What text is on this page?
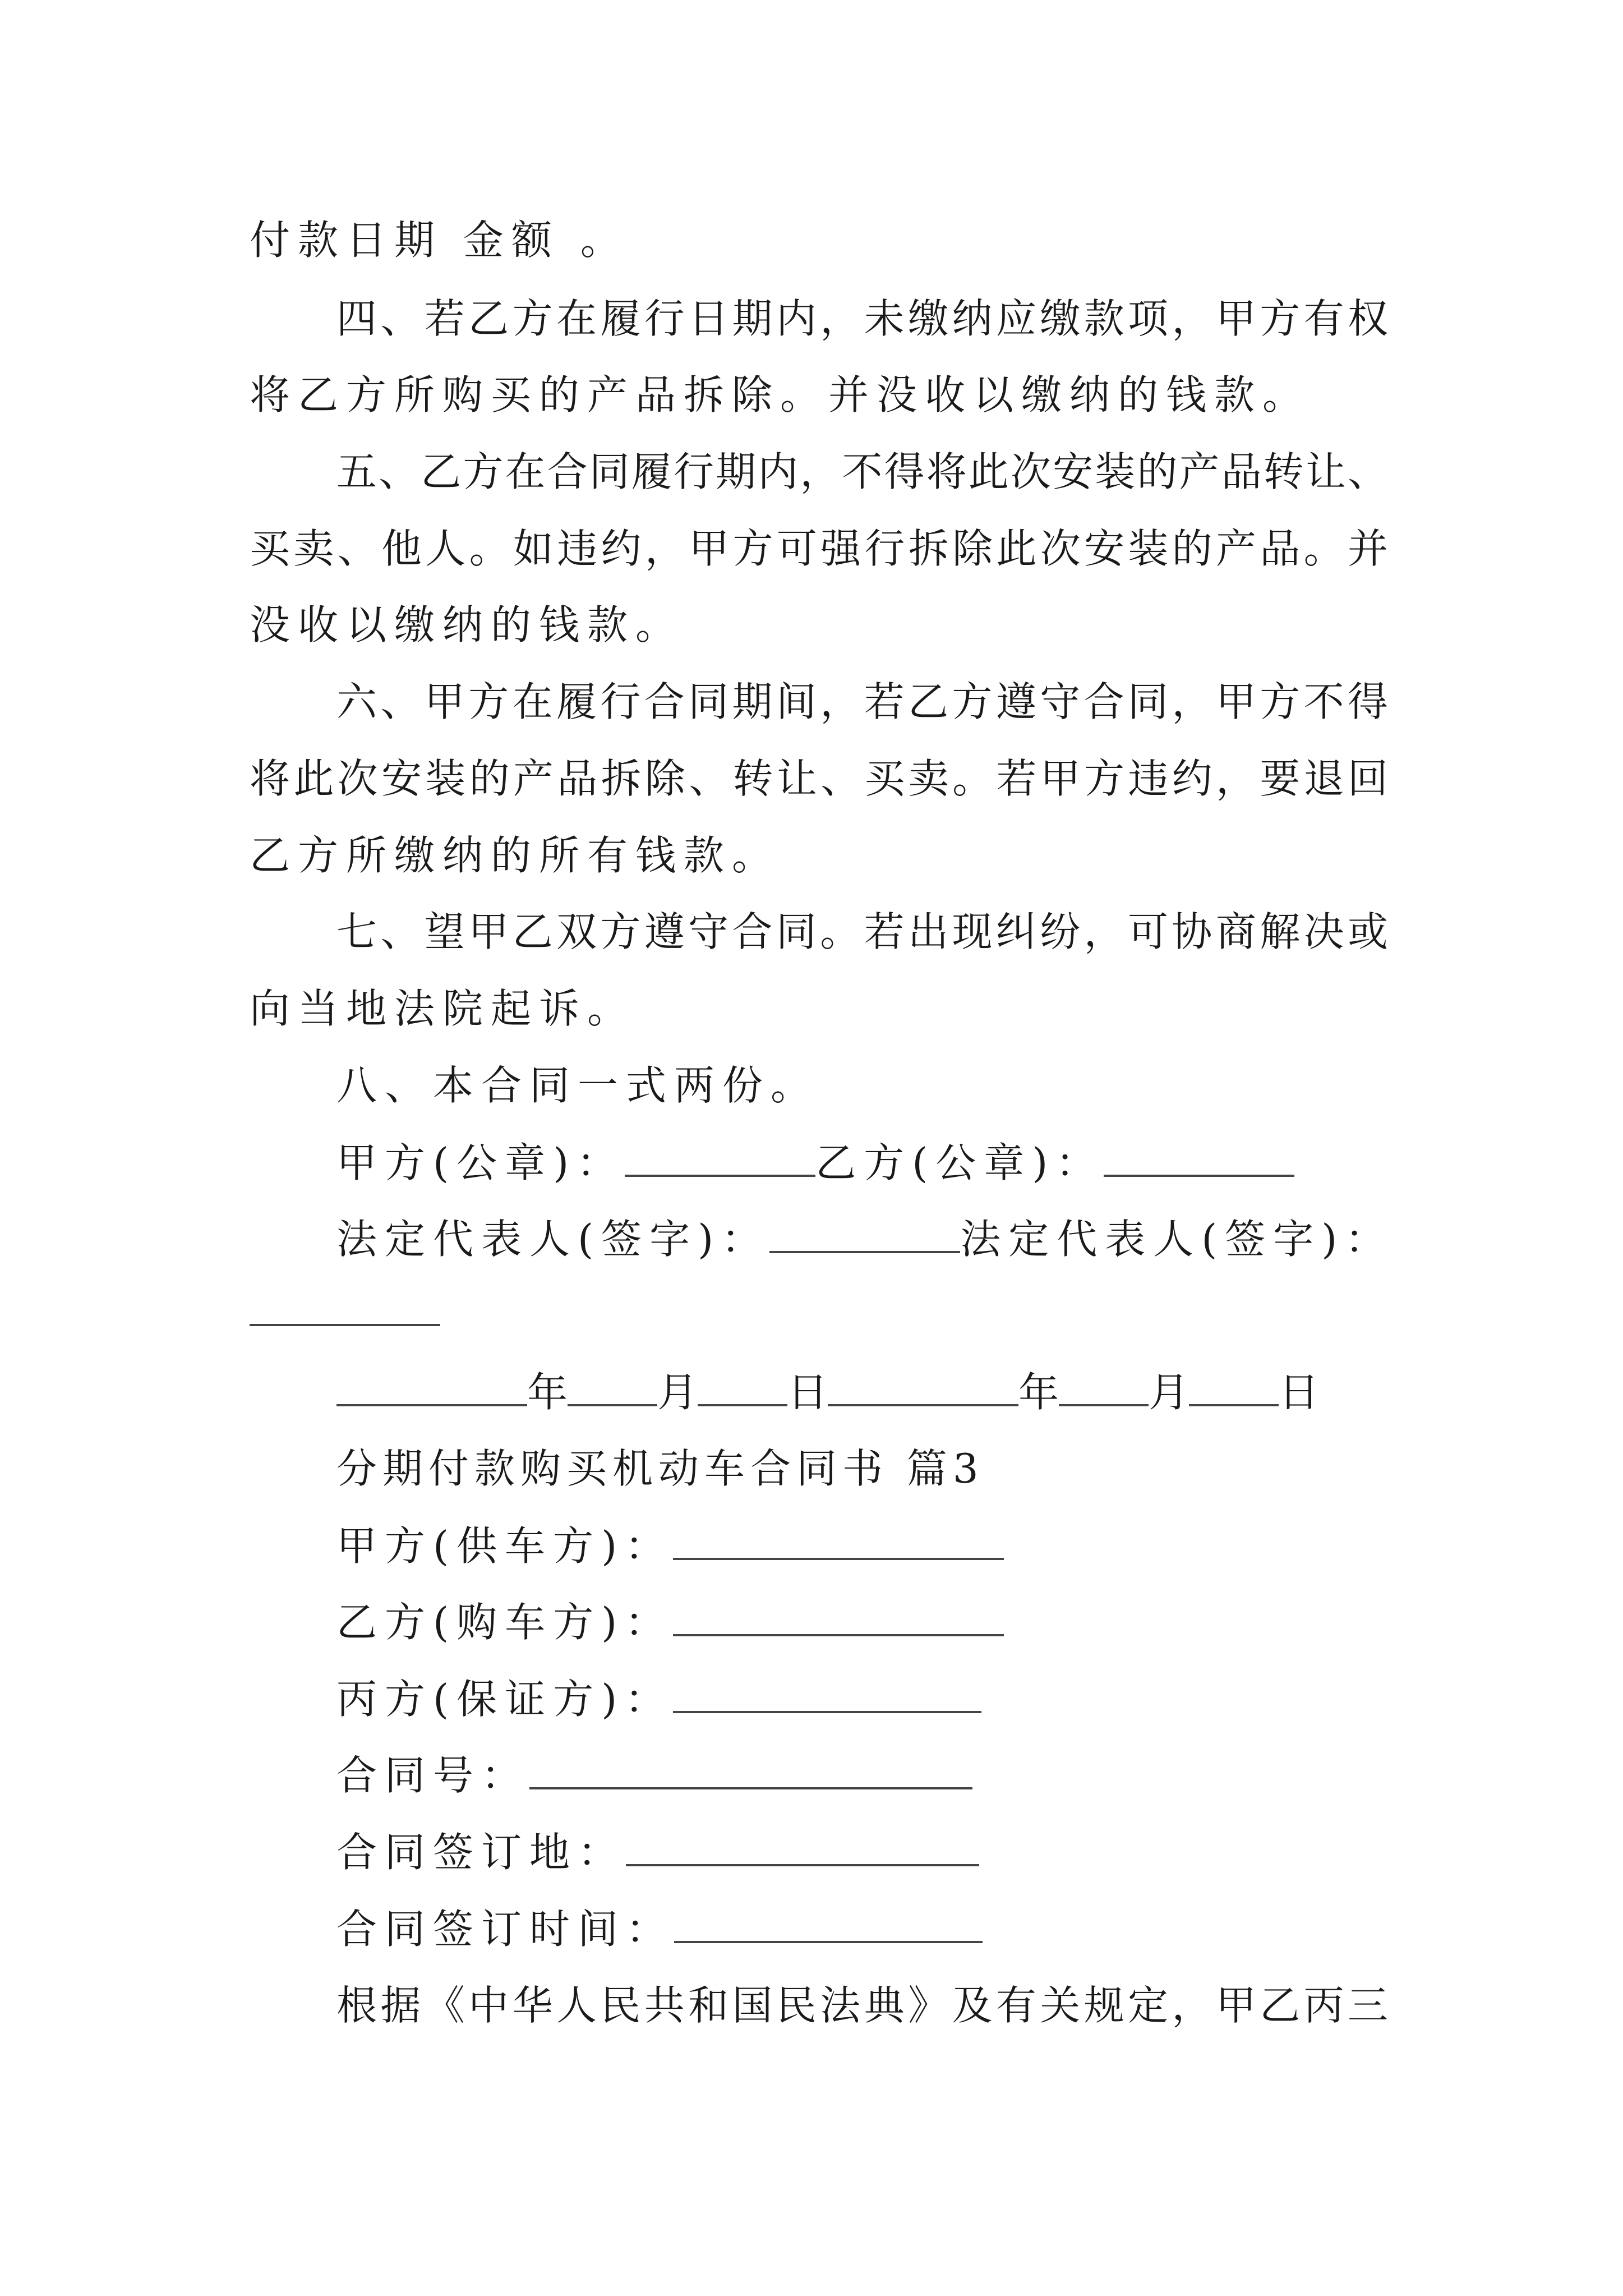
付款日期 金额 。
四、若乙方在履行日期内，未缴纳应缴款项，甲方有权
将乙方所购买的产品拆除。并没收以缴纳的钱款。
五、乙方在合同履行期内，不得将此次安装的产品转让、
买卖、他人。如违约，甲方可强行拆除此次安装的产品。并
没收以缴纳的钱款。
六、甲方在履行合同期间，若乙方遵守合同，甲方不得
将此次安装的产品拆除、转让、买卖。若甲方违约，要退回
乙方所缴纳的所有钱款。
七、望甲乙双方遵守合同。若出现纠纷，可协商解决或
向当地法院起诉。
八、本合同一式两份。
甲方(公章)：	乙方(公章)：
法定代表人(签字)：	法定代表人(签字)：
年 月 日	年 月 日
分期付款购买机动车合同书 篇3
甲方(供车方)：
乙方(购车方)：
丙方(保证方)：
合同号：
合同签订地：
合同签订时间：
根据《中华人民共和国民法典》及有关规定，甲乙丙三
